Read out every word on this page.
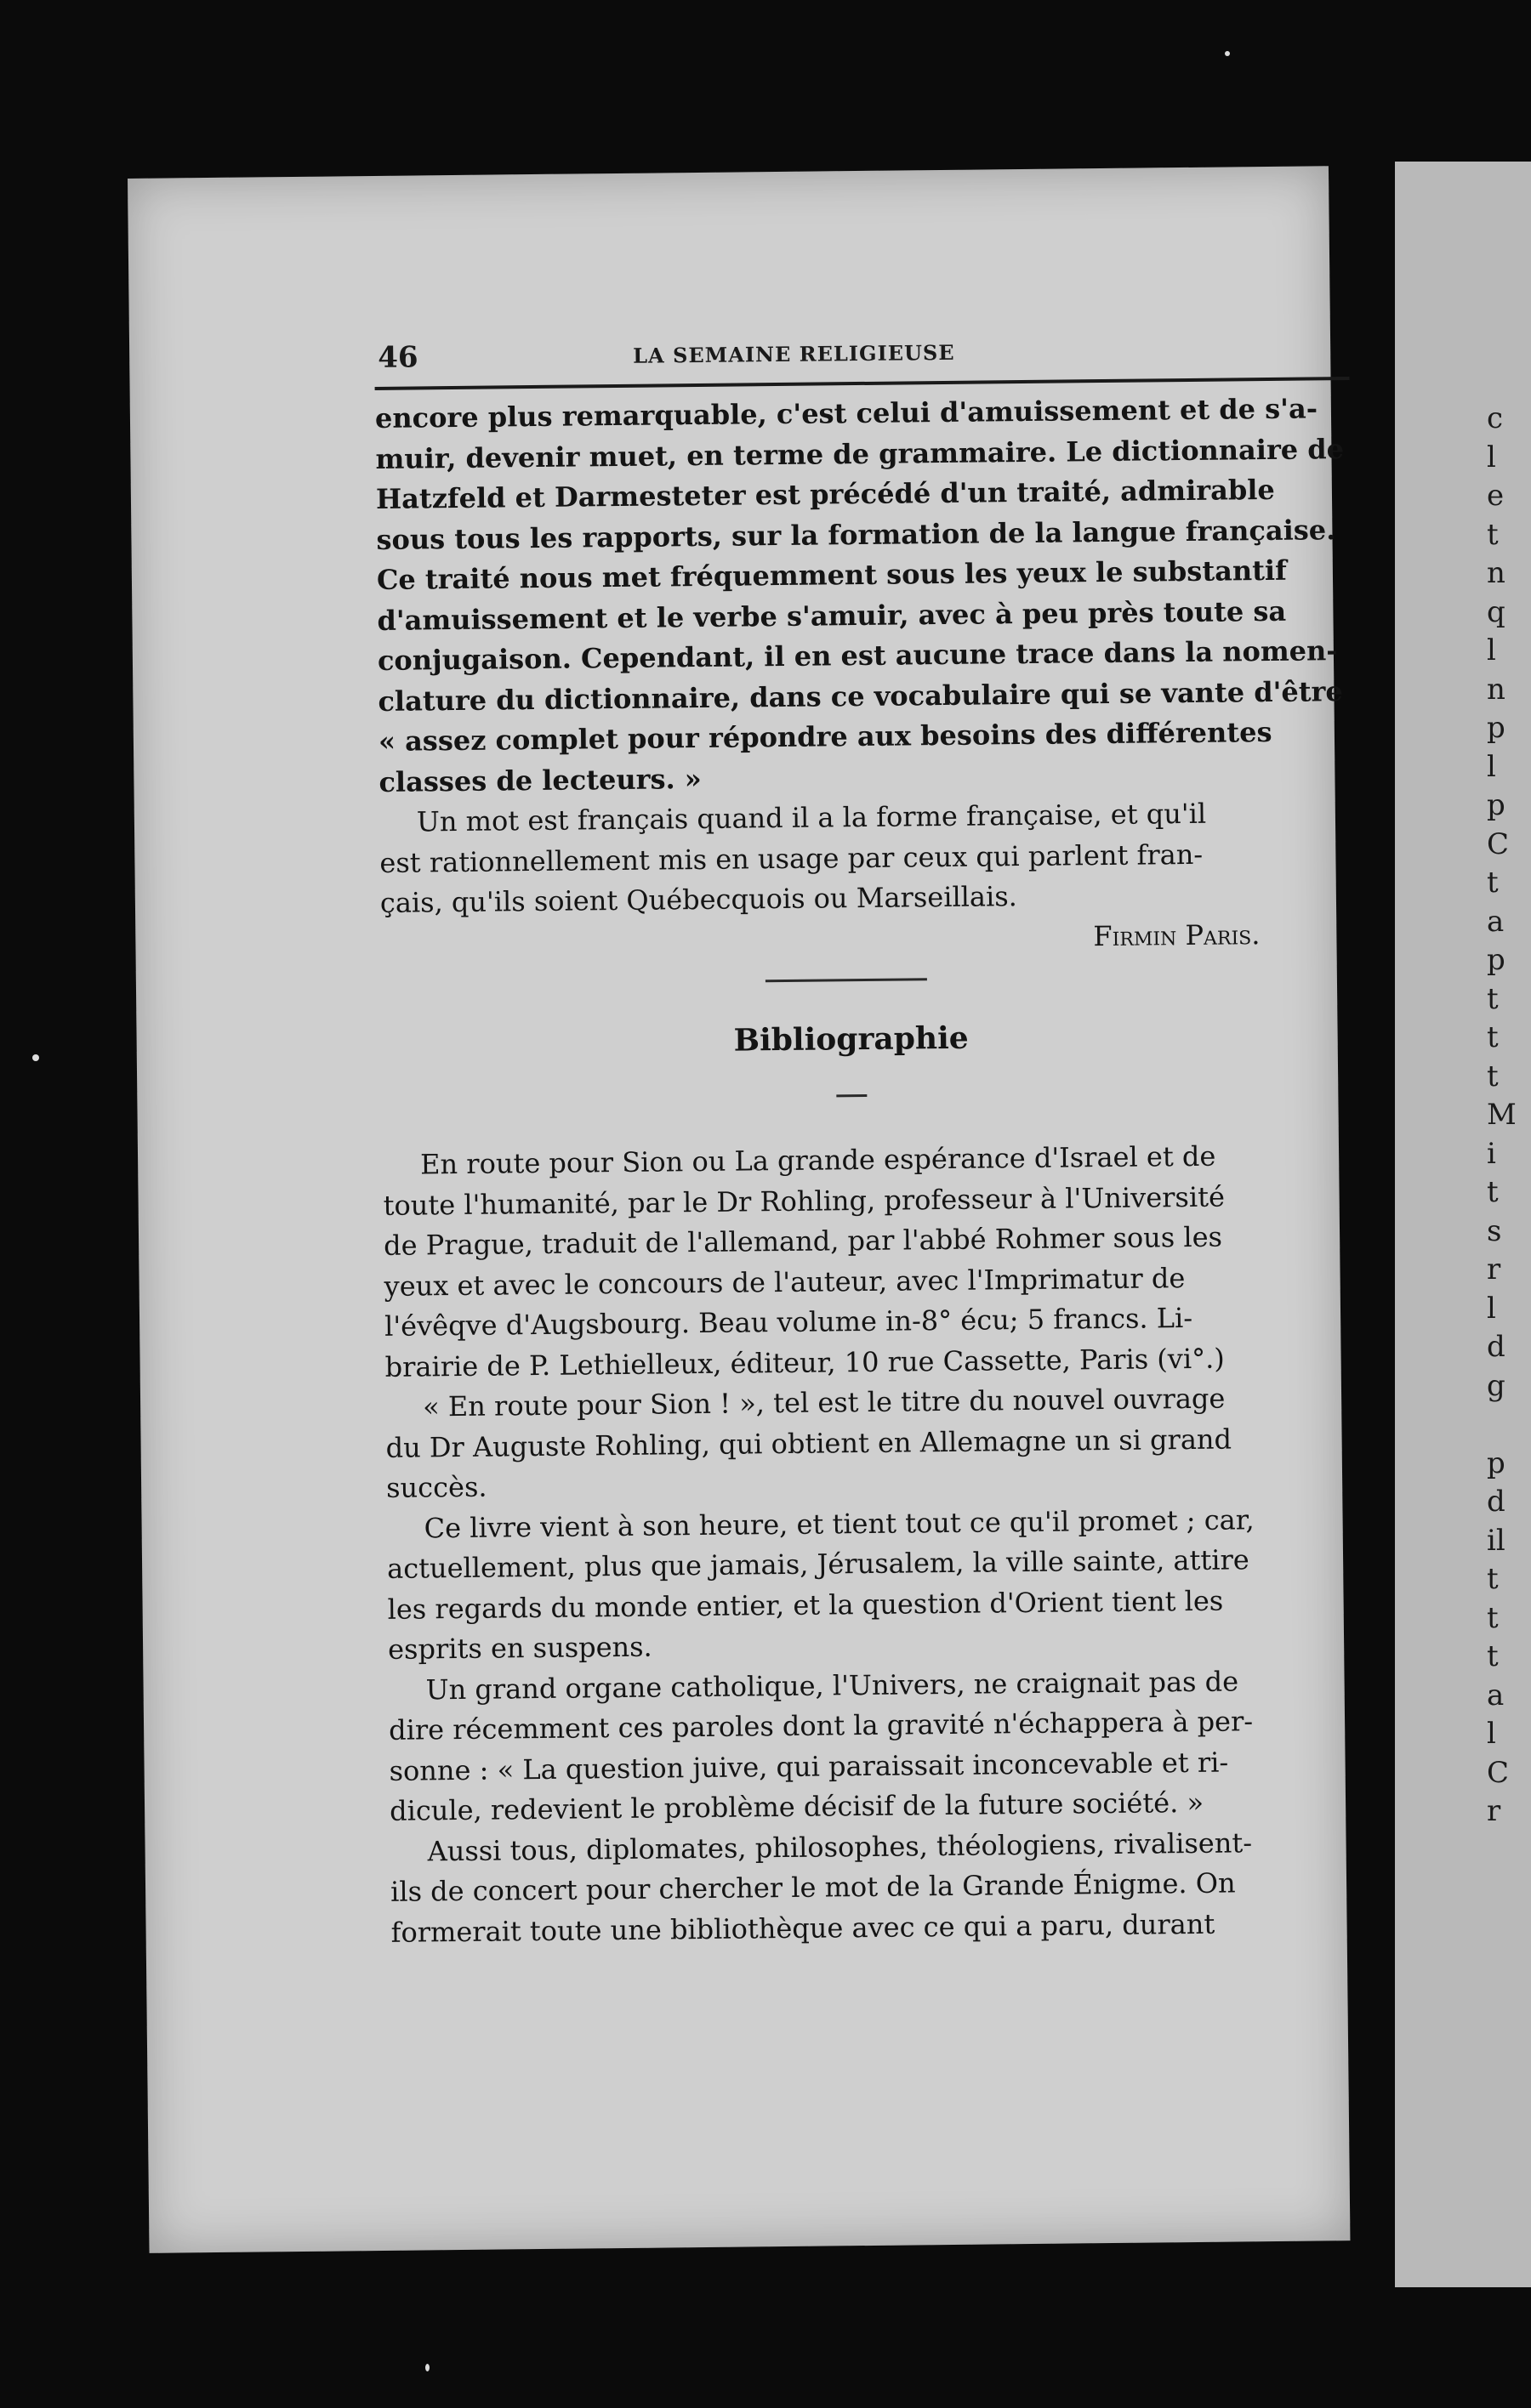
c
l
e
t
n
q
l
n
p
l
p
C
t
a
p
t
t
t
M
i
t
s
r
l
d
g
p
d
il
t
t
t
a
l
C
r
46	LA SEMAINE RELIGIEUSE

encore plus remarquable, c'est celui d'amuissement et de s'a-

muir, devenir muet, en terme de grammaire. Le dictionnaire de

Hatzfeld et Darmesteter est précédé d'un traité, admirable

sous tous les rapports, sur la formation de la langue française.

Ce traité nous met fréquemment sous les yeux le substantif

d'amuissement et le verbe s'amuir, avec à peu près toute sa

conjugaison. Cependant, il en est aucune trace dans la nomen-

clature du dictionnaire, dans ce vocabulaire qui se vante d'être

« assez complet pour répondre aux besoins des différentes

classes de lecteurs. »

Un mot est français quand il a la forme française, et qu'il

est rationnellement mis en usage par ceux qui parlent fran-

çais, qu'ils soient Québecquois ou Marseillais.

Firmin Paris.

Bibliographie

En route pour Sion ou La grande espérance d'Israel et de

toute l'humanité, par le Dr Rohling, professeur à l'Université

de Prague, traduit de l'allemand, par l'abbé Rohmer sous les

yeux et avec le concours de l'auteur, avec l'Imprimatur de

l'évêqve d'Augsbourg. Beau volume in-8° écu; 5 francs. Li-

brairie de P. Lethielleux, éditeur, 10 rue Cassette, Paris (vi°.)

« En route pour Sion ! », tel est le titre du nouvel ouvrage

du Dr Auguste Rohling, qui obtient en Allemagne un si grand

succès.

Ce livre vient à son heure, et tient tout ce qu'il promet ; car,

actuellement, plus que jamais, Jérusalem, la ville sainte, attire

les regards du monde entier, et la question d'Orient tient les

esprits en suspens.

Un grand organe catholique, l'Univers, ne craignait pas de

dire récemment ces paroles dont la gravité n'échappera à per-

sonne : « La question juive, qui paraissait inconcevable et ri-

dicule, redevient le problème décisif de la future société. »

Aussi tous, diplomates, philosophes, théologiens, rivalisent-

ils de concert pour chercher le mot de la Grande Énigme. On

formerait toute une bibliothèque avec ce qui a paru, durant
